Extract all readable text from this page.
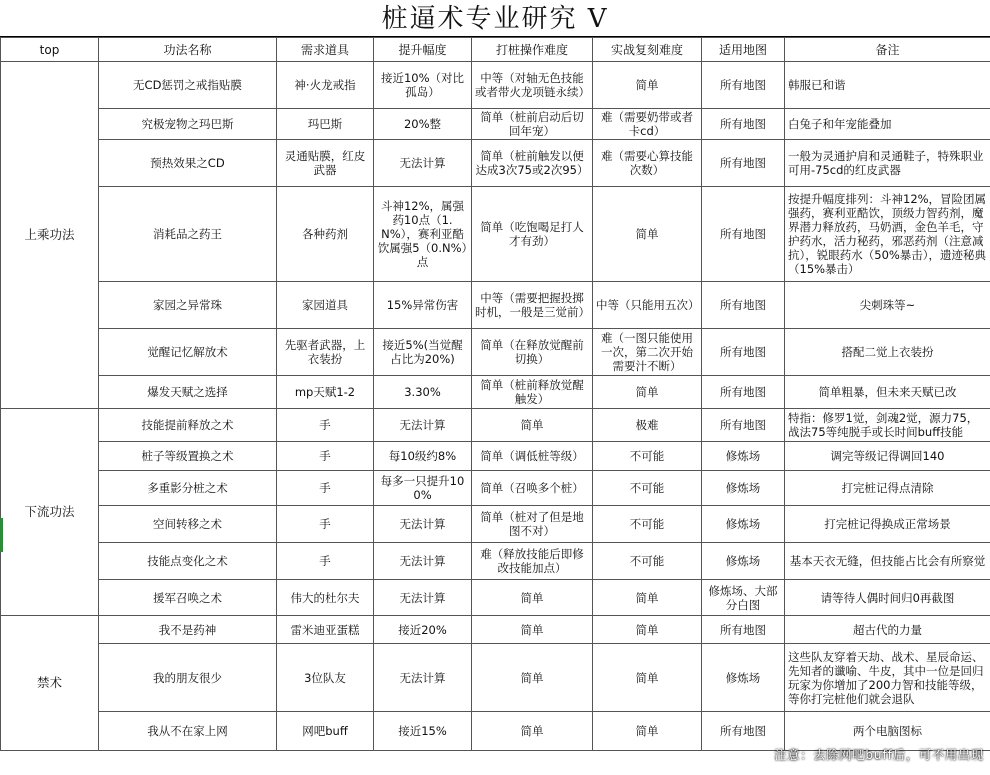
桩逼术专业研究 V
top	功法名称	需求道具	提升幅度	打桩操作难度	实战复刻难度	适用地图	备注
上乘功法	无CD惩罚之戒指贴膜	神·火龙戒指	接近10%（对比孤岛）	中等（对轴无色技能或者带火龙项链永续）	简单	所有地图	韩服已和谐
	究极宠物之玛巴斯	玛巴斯	20%整	简单（桩前启动后切回年宠）	难（需要奶带或者卡cd）	所有地图	白兔子和年宠能叠加
	预热效果之CD	灵通贴膜，红皮武器	无法计算	简单（桩前触发以便达成3次75或2次95）	难（需要心算技能次数）	所有地图	一般为灵通护肩和灵通鞋子，特殊职业可用-75cd的红皮武器
	消耗品之药王	各种药剂	斗神12%，属强药10点（1.N%），赛利亚酷饮属强5（0.N%）点	简单（吃饱喝足打人才有劲）	简单	所有地图	按提升幅度排列：斗神12%，冒险团属强药，赛利亚酷饮，顶级力智药剂，魔界潜力释放药，马奶酒，金色羊毛，守护药水，活力秘药，邪恶药剂（注意减抗），锐眼药水（50%暴击），遗迹秘典（15%暴击）
	家园之异常珠	家园道具	15%异常伤害	中等（需要把握投掷时机，一般是三觉前）	中等（只能用五次）	所有地图	尖刺珠等~
	觉醒记忆解放术	先驱者武器，上衣装扮	接近5%(当觉醒占比为20%)	简单（在释放觉醒前切换）	难（一图只能使用一次，第二次开始需要汁不断）	所有地图	搭配二觉上衣装扮
	爆发天赋之选择	mp天赋1-2	3.30%	简单（桩前释放觉醒触发）	简单	所有地图	简单粗暴，但未来天赋已改
下流功法	技能提前释放之术	手	无法计算	简单	极难	所有地图	特指：修罗1觉，剑魂2觉，源力75，战法75等纯脱手或长时间buff技能
	桩子等级置换之术	手	每10级约8%	简单（调低桩等级）	不可能	修炼场	调完等级记得调回140
	多重影分桩之术	手	每多一只提升100%	简单（召唤多个桩）	不可能	修炼场	打完桩记得点清除
	空间转移之术	手	无法计算	简单（桩对了但是地图不对）	不可能	修炼场	打完桩记得换成正常场景
	技能点变化之术	手	无法计算	难（释放技能后即修改技能加点）	不可能	修炼场	基本天衣无缝，但技能占比会有所察觉
	援军召唤之术	伟大的杜尔夫	无法计算	简单	简单	修炼场、大部分白图	请等待人偶时间归0再截图
禁术	我不是药神	雷米迪亚蛋糕	接近20%	简单	简单	所有地图	超古代的力量
	我的朋友很少	3位队友	无法计算	简单	简单	修炼场	这些队友穿着天劫、战术、星辰命运、先知者的谶喻、牛皮，其中一位是回归玩家为你增加了200力智和技能等级，等你打完桩他们就会退队
	我从不在家上网	网吧buff	接近15%	简单	简单	所有地图	两个电脑图标
注意：去除网吧buff后，可不用出现
